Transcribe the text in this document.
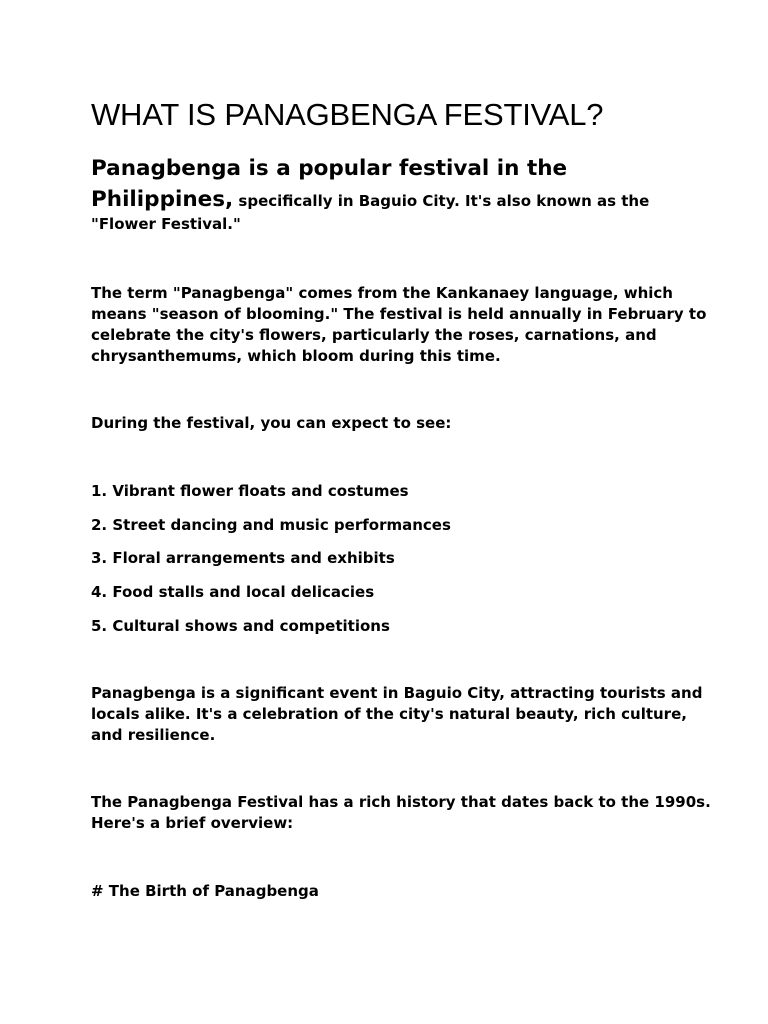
WHAT IS PANAGBENGA FESTIVAL?

Panagbenga is a popular festival in the Philippines, specifically in Baguio City. It's also known as the
"Flower Festival."

The term "Panagbenga" comes from the Kankanaey language, which means "season of blooming." The festival is held annually in February to celebrate the city's flowers, particularly the roses, carnations, and chrysanthemums, which bloom during this time.

During the festival, you can expect to see:

1. Vibrant flower floats and costumes

2. Street dancing and music performances

3. Floral arrangements and exhibits

4. Food stalls and local delicacies

5. Cultural shows and competitions

Panagbenga is a significant event in Baguio City, attracting tourists and locals alike. It's a celebration of the city's natural beauty, rich culture, and resilience.

The Panagbenga Festival has a rich history that dates back to the 1990s. Here's a brief overview:

# The Birth of Panagbenga
